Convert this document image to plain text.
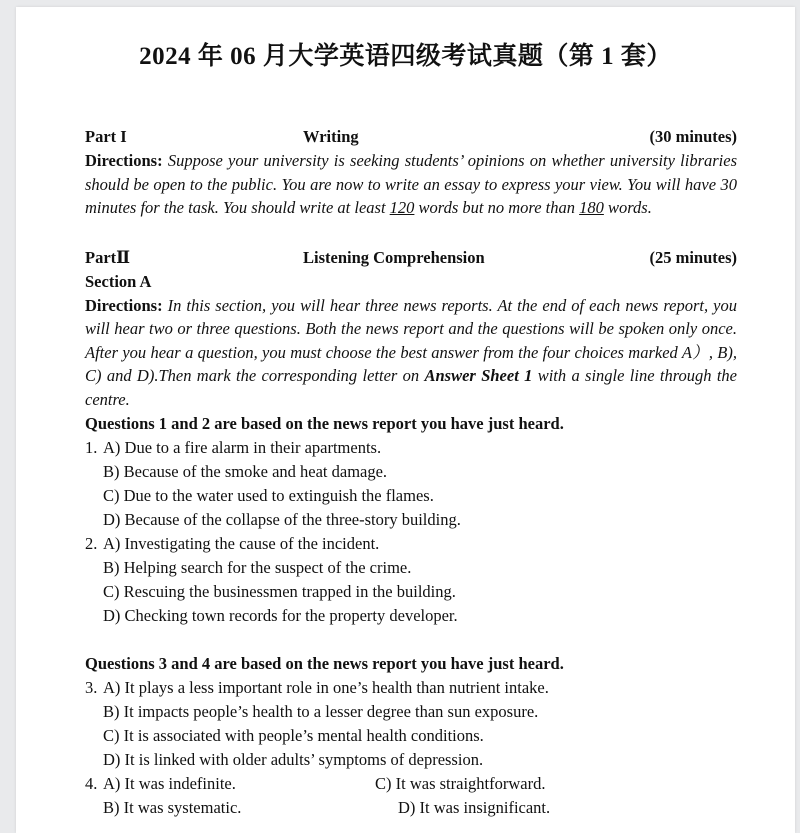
2024 年 06 月大学英语四级考试真题（第 1 套）
Part I	Writing	(30 minutes)

Directions: Suppose your university is seeking students’ opinions on whether university libraries should be open to the public. You are now to write an essay to express your view. You will have 30 minutes for the task. You should write at least 120 words but no more than 180 words.

PartⅡ	Listening Comprehension	(25 minutes)
Section A

Directions: In this section, you will hear three news reports. At the end of each news report, you will hear two or three questions. Both the news report and the questions will be spoken only once. After you hear a question, you must choose the best answer from the four choices marked A）, B), C) and D).Then mark the corresponding letter on Answer Sheet 1 with a single line through the centre.

Questions 1 and 2 are based on the news report you have just heard.
1. A) Due to a fire alarm in their apartments.
B) Because of the smoke and heat damage.
C) Due to the water used to extinguish the flames.
D) Because of the collapse of the three-story building.
2. A) Investigating the cause of the incident.
B) Helping search for the suspect of the crime.
C) Rescuing the businessmen trapped in the building.
D) Checking town records for the property developer.
Questions 3 and 4 are based on the news report you have just heard.
3. A) It plays a less important role in one’s health than nutrient intake.
B) It impacts people’s health to a lesser degree than sun exposure.
C) It is associated with people’s mental health conditions.
D) It is linked with older adults’ symptoms of depression.
4. A) It was indefinite.	C) It was straightforward.
B) It was systematic.	D) It was insignificant.
